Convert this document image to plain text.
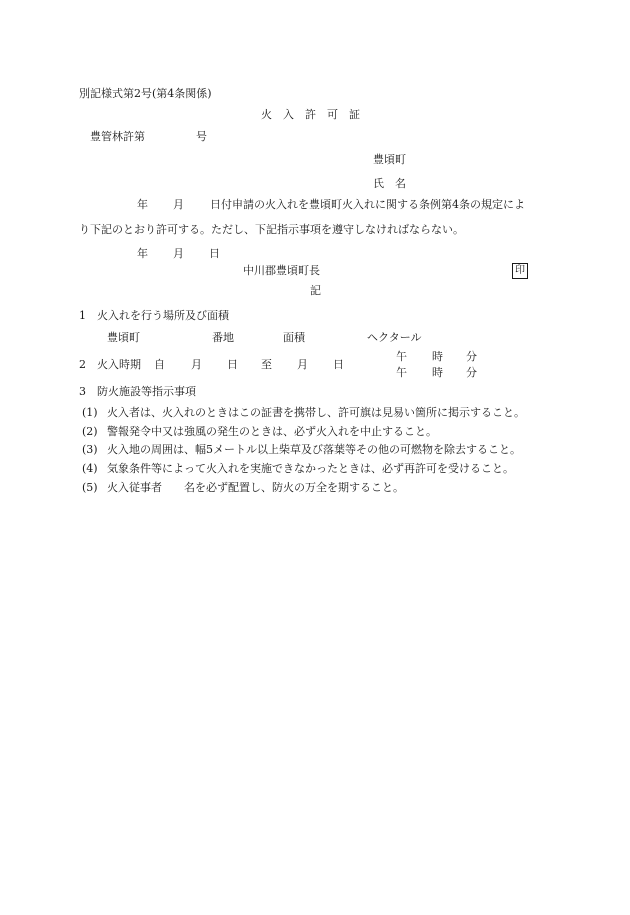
別記様式第2号(第4条関係)
火　入　許　可　証
豊管林許第	号
豊頃町
氏　名
年 月 日付申請の火入れを豊頃町火入れに関する条例第4条の規定によ
り下記のとおり許可する。ただし、下記指示事項を遵守しなければならない。
年 月 日
中川郡豊頃町長	印
記
1　火入れを行う場所及び面積
豊頃町	番地	面積	ヘクタール
2　火入時期 自 月 日 至 月 日
午 時 分
午 時 分
3　防火施設等指示事項
(1) 火入者は、火入れのときはこの証書を携帯し、許可旗は見易い箇所に掲示すること。
(2) 警報発令中又は強風の発生のときは、必ず火入れを中止すること。
(3) 火入地の周囲は、幅5メートル以上柴草及び落葉等その他の可燃物を除去すること。
(4) 気象条件等によって火入れを実施できなかったときは、必ず再許可を受けること。
(5) 火入従事者　　名を必ず配置し、防火の万全を期すること。
